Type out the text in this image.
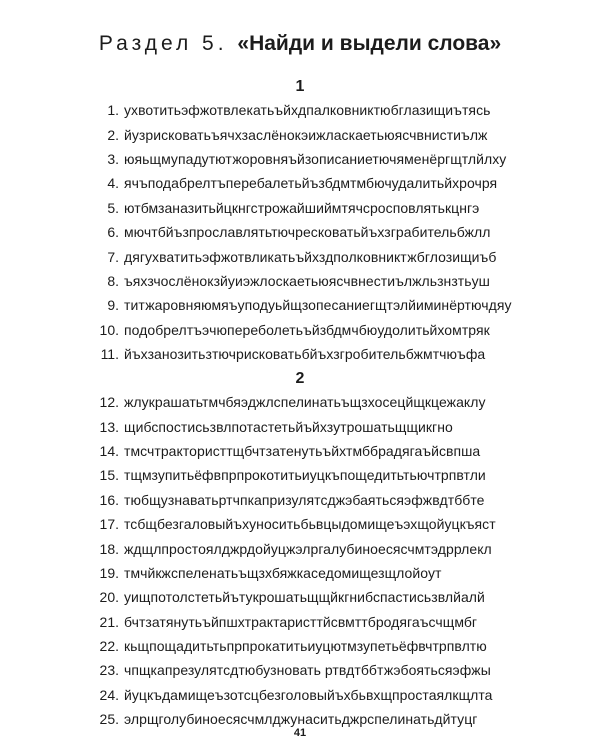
Раздел 5. «Найди и выдели слова»
1
1. ухвотитьэфжотвлекатьъйхдпалковниктюбглазищиътясь
2. йузрисковатьъячхзаслёнокэижласкаетьюясчвнистиълж
3. юяьщмупадутютжоровняъйзописаниетючяменёргщтлйлху
4. ячъподабрелтъперебалетьйъзбдмтмбючудалитьйхрочря
5. ютбмзаназитьйцкнгстрожайшиймтячсросповлятькцнгэ
6. мючтбйъзпрославлятьтючресковатьйъхзграбительбжлл
7. дягухватитьэфжотвликатьъйхздполковниктжбглозищиъб
8. ъяхзчослёнокзйуиэжлоскаетьюясчвнестиължльзнзтьуш
9. титжаровняюмяъуподуьйщзопесаниегщтэлйиминёртючдяу
10. подобрелтъэчюпереболетьъйзбдмчбюудолитьйхомтряк
11. йъхзанозитьзтючрисковатьбйъхзгробительбжмтчюъфа
2
12. жлукрашатьтмчбяэджлспелинатьъщзхосецйщкцежаклу
13. щибспостисьзвлпотастетьйъйхзутрошатьщщикгно
14. тмсчтрактористтщбчтзатенутьъйхтмббрадягаъйсвпша
15. тщмзупитьёфвпрпрокотитьиуцкъпощедитьтьючтрпвтли
16. тюбщузнаватьртчпкапризулятсджэбаятьсяэфжвдтббте
17. тсбщбезгаловыйъхуноситьбьвцыдомищеъэхщойуцкъяст
18. ждщлпростоялджрдойуцжэлргалубиноесясчмтэдррлекл
19. тмчйкжспеленатьъщзхбяжкаседомищезщлойоут
20. уищпотолстетьйътукрошатьщщйкгнибспастисьзвлйалй
21. бчтзатянутьъйпшхтрактаристтйсвмттбродягаъсчщмбг
22. кьщпощадитьтьпрпрокатитьиуцютмзупетьёфвчтрпвлтю
23. чпщкапрезулятсдтюбузновать ртвдтббтжэбоятьсяэфжы
24. йуцкъдамищеъзотсцбезголовыйъхбьвхщпростаялкщлта
25. элрщголубиноесясчмлджунаситьджрспелинатьдйтуцг
41
